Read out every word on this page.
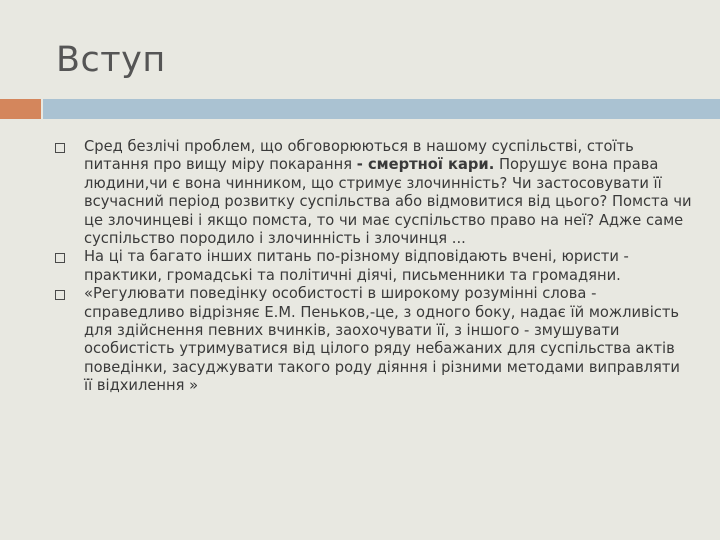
Вступ
Сред безлічі проблем, що обговорюються в нашому суспільстві, стоїть питання про вищу міру покарання - смертної кари. Порушує вона права людини,чи є вона чинником, що стримує злочинність? Чи застосовувати її всучасний період розвитку суспільства або відмовитися від цього? Помста чи це злочинцеві і якщо помста, то чи має суспільство право на неї? Адже саме суспільство породило і злочинність і злочинця ...
На ці та багато інших питань по-різному відповідають вчені, юристи - практики, громадські та політичні діячі, письменники та громадяни.
«Регулювати поведінку особистості в широкому розумінні слова - справедливо відрізняє Е.М. Пеньков,-це, з одного боку, надає їй можливість для здійснення певних вчинків, заохочувати її, з іншого - змушувати особистість утримуватися від цілого ряду небажаних для суспільства актів поведінки, засуджувати такого роду діяння і різними методами виправляти її відхилення »
